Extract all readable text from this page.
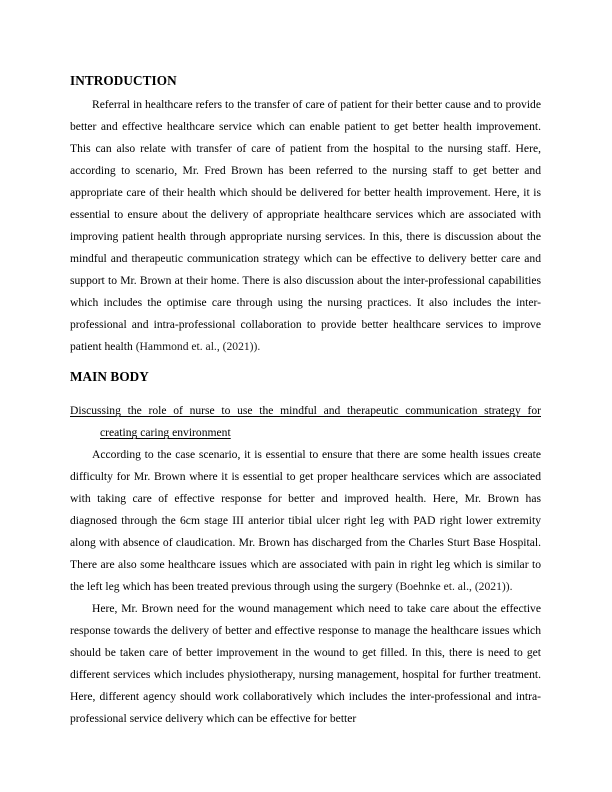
INTRODUCTION

Referral in healthcare refers to the transfer of care of patient for their better cause and to provide better and effective healthcare service which can enable patient to get better health improvement. This can also relate with transfer of care of patient from the hospital to the nursing staff. Here, according to scenario, Mr. Fred Brown has been referred to the nursing staff to get better and appropriate care of their health which should be delivered for better health improvement. Here, it is essential to ensure about the delivery of appropriate healthcare services which are associated with improving patient health through appropriate nursing services. In this, there is discussion about the mindful and therapeutic communication strategy which can be effective to delivery better care and support to Mr. Brown at their home. There is also discussion about the inter-professional capabilities which includes the optimise care through using the nursing practices. It also includes the inter-professional and intra-professional collaboration to provide better healthcare services to improve patient health (Hammond et. al., (2021)).

MAIN BODY
Discussing the role of nurse to use the mindful and therapeutic communication strategy for
creating caring environment

According to the case scenario, it is essential to ensure that there are some health issues create difficulty for Mr. Brown where it is essential to get proper healthcare services which are associated with taking care of effective response for better and improved health. Here, Mr. Brown has diagnosed through the 6cm stage III anterior tibial ulcer right leg with PAD right lower extremity along with absence of claudication. Mr. Brown has discharged from the Charles Sturt Base Hospital. There are also some healthcare issues which are associated with pain in right leg which is similar to the left leg which has been treated previous through using the surgery (Boehnke et. al., (2021)).

Here, Mr. Brown need for the wound management which need to take care about the effective response towards the delivery of better and effective response to manage the healthcare issues which should be taken care of better improvement in the wound to get filled. In this, there is need to get different services which includes physiotherapy, nursing management, hospital for further treatment. Here, different agency should work collaboratively which includes the inter-professional and intra-professional service delivery which can be effective for better
